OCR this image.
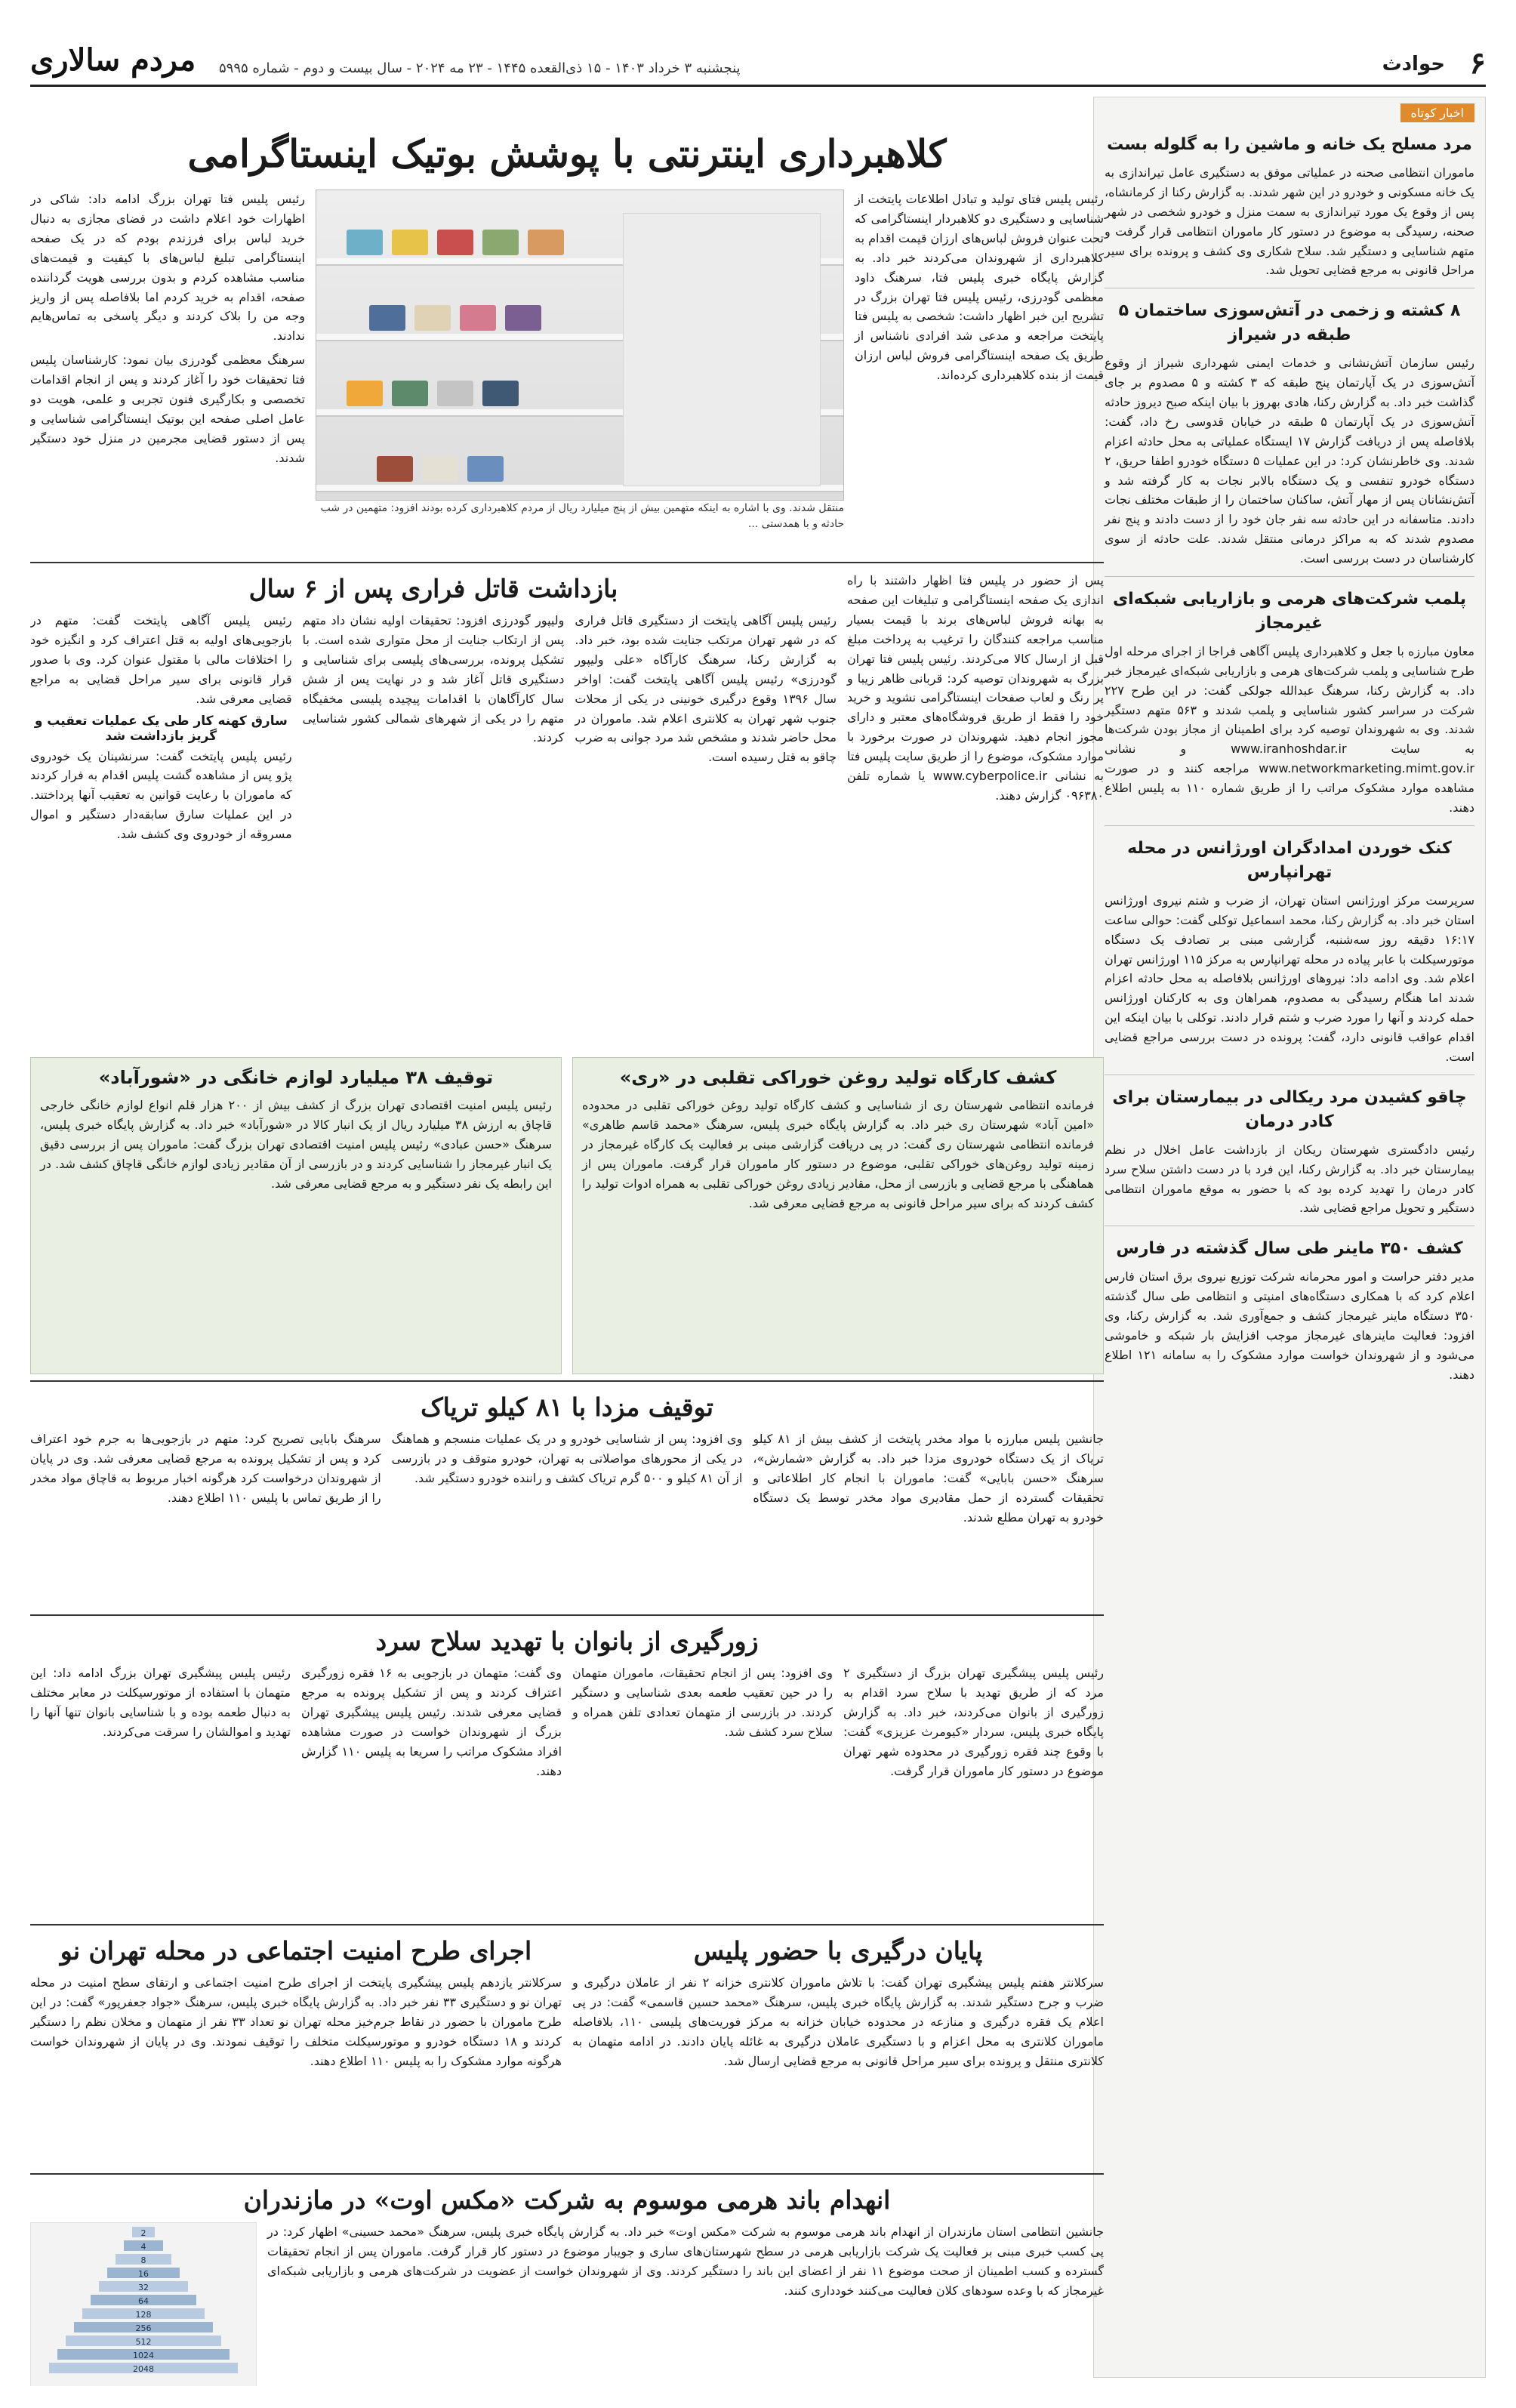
۶
حوادث
پنجشنبه ۳ خرداد ۱۴۰۳ - ۱۵ ذی‌القعده ۱۴۴۵ - ۲۳ مه ۲۰۲۴ - سال بیست و دوم - شماره ۵۹۹۵
مردم سالاری
اخبار کوتاه
مرد مسلح یک خانه و ماشین را به گلوله بست

ماموران انتظامی صحنه در عملیاتی موفق به دستگیری عامل تیراندازی به یک خانه مسکونی و خودرو در این شهر شدند. به گزارش رکنا از کرمانشاه، پس از وقوع یک مورد تیراندازی به سمت منزل و خودرو شخصی در شهر صحنه، رسیدگی به موضوع در دستور کار ماموران انتظامی قرار گرفت و متهم شناسایی و دستگیر شد. سلاح شکاری وی کشف و پرونده برای سیر مراحل قانونی به مرجع قضایی تحویل شد.

۸ کشته و زخمی در آتش‌سوزی ساختمان ۵ طبقه در شیراز

رئیس سازمان آتش‌نشانی و خدمات ایمنی شهرداری شیراز از وقوع آتش‌سوزی در یک آپارتمان پنج طبقه که ۳ کشته و ۵ مصدوم بر جای گذاشت خبر داد. به گزارش رکنا، هادی بهروز با بیان اینکه صبح دیروز حادثه آتش‌سوزی در یک آپارتمان ۵ طبقه در خیابان قدوسی رخ داد، گفت: بلافاصله پس از دریافت گزارش ۱۷ ایستگاه عملیاتی به محل حادثه اعزام شدند. وی خاطرنشان کرد: در این عملیات ۵ دستگاه خودرو اطفا حریق، ۲ دستگاه خودرو تنفسی و یک دستگاه بالابر نجات به کار گرفته شد و آتش‌نشانان پس از مهار آتش، ساکنان ساختمان را از طبقات مختلف نجات دادند. متاسفانه در این حادثه سه نفر جان خود را از دست دادند و پنج نفر مصدوم شدند که به مراکز درمانی منتقل شدند. علت حادثه از سوی کارشناسان در دست بررسی است.

پلمب شرکت‌های هرمی و بازاریابی شبکه‌ای غیرمجاز

معاون مبارزه با جعل و کلاهبرداری پلیس آگاهی فراجا از اجرای مرحله اول طرح شناسایی و پلمب شرکت‌های هرمی و بازاریابی شبکه‌ای غیرمجاز خبر داد. به گزارش رکنا، سرهنگ عبدالله جولکی گفت: در این طرح ۲۲۷ شرکت در سراسر کشور شناسایی و پلمب شدند و ۵۶۳ متهم دستگیر شدند. وی به شهروندان توصیه کرد برای اطمینان از مجاز بودن شرکت‌ها به سایت www.iranhoshdar.ir و نشانی www.networkmarketing.mimt.gov.ir مراجعه کنند و در صورت مشاهده موارد مشکوک مراتب را از طریق شماره ۱۱۰ به پلیس اطلاع دهند.

کنک خوردن امدادگران اورژانس در محله تهرانپارس

سرپرست مرکز اورژانس استان تهران، از ضرب و شتم نیروی اورژانس استان خبر داد. به گزارش رکنا، محمد اسماعیل توکلی گفت: حوالی ساعت ۱۶:۱۷ دقیقه روز سه‌شنبه، گزارشی مبنی بر تصادف یک دستگاه موتورسیکلت با عابر پیاده در محله تهرانپارس به مرکز ۱۱۵ اورژانس تهران اعلام شد. وی ادامه داد: نیروهای اورژانس بلافاصله به محل حادثه اعزام شدند اما هنگام رسیدگی به مصدوم، همراهان وی به کارکنان اورژانس حمله کردند و آنها را مورد ضرب و شتم قرار دادند. توکلی با بیان اینکه این اقدام عواقب قانونی دارد، گفت: پرونده در دست بررسی مراجع قضایی است.

چاقو کشیدن مرد ریکالی در بیمارستان برای کادر درمان

رئیس دادگستری شهرستان ریکان از بازداشت عامل اخلال در نظم بیمارستان خبر داد. به گزارش رکنا، این فرد با در دست داشتن سلاح سرد کادر درمان را تهدید کرده بود که با حضور به موقع ماموران انتظامی دستگیر و تحویل مراجع قضایی شد.

کشف ۳۵۰ ماینر طی سال گذشته در فارس

مدیر دفتر حراست و امور محرمانه شرکت توزیع نیروی برق استان فارس اعلام کرد که با همکاری دستگاه‌های امنیتی و انتظامی طی سال گذشته ۳۵۰ دستگاه ماینر غیرمجاز کشف و جمع‌آوری شد. به گزارش رکنا، وی افزود: فعالیت ماینرهای غیرمجاز موجب افزایش بار شبکه و خاموشی می‌شود و از شهروندان خواست موارد مشکوک را به سامانه ۱۲۱ اطلاع دهند.

کلاهبرداری اینترنتی با پوشش بوتیک اینستاگرامی

رئیس پلیس فتای تولید و تبادل اطلاعات پایتخت از شناسایی و دستگیری دو کلاهبردار اینستاگرامی که تحت عنوان فروش لباس‌های ارزان قیمت اقدام به کلاهبرداری از شهروندان می‌کردند خبر داد. به گزارش پایگاه خبری پلیس فتا، سرهنگ داود معظمی گودرزی، رئیس پلیس فتا تهران بزرگ در تشریح این خبر اظهار داشت: شخصی به پلیس فتا پایتخت مراجعه و مدعی شد افرادی ناشناس از طریق یک صفحه اینستاگرامی فروش لباس ارزان قیمت از بنده کلاهبرداری کرده‌اند.

منتقل شدند. وی با اشاره به اینکه متهمین بیش از پنج میلیارد ریال از مردم کلاهبرداری کرده بودند افزود: متهمین در شب حادثه و با همدستی ...

رئیس پلیس فتا تهران بزرگ ادامه داد: شاکی در اظهارات خود اعلام داشت در فضای مجازی به دنبال خرید لباس برای فرزندم بودم که در یک صفحه اینستاگرامی تبلیغ لباس‌های با کیفیت و قیمت‌های مناسب مشاهده کردم و بدون بررسی هویت گرداننده صفحه، اقدام به خرید کردم اما بلافاصله پس از واریز وجه من را بلاک کردند و دیگر پاسخی به تماس‌هایم ندادند.

سرهنگ معظمی گودرزی بیان نمود: کارشناسان پلیس فتا تحقیقات خود را آغاز کردند و پس از انجام اقدامات تخصصی و بکارگیری فنون تجربی و علمی، هویت دو عامل اصلی صفحه این بوتیک اینستاگرامی شناسایی و پس از دستور قضایی مجرمین در منزل خود دستگیر شدند.

پس از حضور در پلیس فتا اظهار داشتند با راه اندازی یک صفحه اینستاگرامی و تبلیغات این صفحه به بهانه فروش لباس‌های برند با قیمت بسیار مناسب مراجعه کنندگان را ترغیب به پرداخت مبلغ قبل از ارسال کالا می‌کردند. رئیس پلیس فتا تهران بزرگ به شهروندان توصیه کرد: قربانی ظاهر زیبا و پر رنگ و لعاب صفحات اینستاگرامی نشوید و خرید خود را فقط از طریق فروشگاه‌های معتبر و دارای مجوز انجام دهید. شهروندان در صورت برخورد با موارد مشکوک، موضوع را از طریق سایت پلیس فتا به نشانی www.cyberpolice.ir یا شماره تلفن ۰۹۶۳۸۰ گزارش دهند.

بازداشت قاتل فراری پس از ۶ سال

رئیس پلیس آگاهی پایتخت از دستگیری قاتل فراری که در شهر تهران مرتکب جنایت شده بود، خبر داد. به گزارش رکنا، سرهنگ کارآگاه «علی ولیپور گودرزی» رئیس پلیس آگاهی پایتخت گفت: اواخر سال ۱۳۹۶ وقوع درگیری خونینی در یکی از محلات جنوب شهر تهران به کلانتری اعلام شد. ماموران در محل حاضر شدند و مشخص شد مرد جوانی به ضرب چاقو به قتل رسیده است.

ولیپور گودرزی افزود: تحقیقات اولیه نشان داد متهم پس از ارتکاب جنایت از محل متواری شده است. با تشکیل پرونده، بررسی‌های پلیسی برای شناسایی و دستگیری قاتل آغاز شد و در نهایت پس از شش سال کارآگاهان با اقدامات پیچیده پلیسی مخفیگاه متهم را در یکی از شهرهای شمالی کشور شناسایی کردند.

رئیس پلیس آگاهی پایتخت گفت: متهم در بازجویی‌های اولیه به قتل اعتراف کرد و انگیزه خود را اختلافات مالی با مقتول عنوان کرد. وی با صدور قرار قانونی برای سیر مراحل قضایی به مراجع قضایی معرفی شد.

سارق کهنه کار طی یک عملیات تعقیب و گریز بازداشت شد

رئیس پلیس پایتخت گفت: سرنشینان یک خودروی پژو پس از مشاهده گشت پلیس اقدام به فرار کردند که ماموران با رعایت قوانین به تعقیب آنها پرداختند. در این عملیات سارق سابقه‌دار دستگیر و اموال مسروقه از خودروی وی کشف شد.

کشف کارگاه تولید روغن خوراکی تقلبی در «ری»

فرمانده انتظامی شهرستان ری از شناسایی و کشف کارگاه تولید روغن خوراکی تقلبی در محدوده «امین آباد» شهرستان ری خبر داد. به گزارش پایگاه خبری پلیس، سرهنگ «محمد قاسم طاهری» فرمانده انتظامی شهرستان ری گفت: در پی دریافت گزارشی مبنی بر فعالیت یک کارگاه غیرمجاز در زمینه تولید روغن‌های خوراکی تقلبی، موضوع در دستور کار ماموران قرار گرفت. ماموران پس از هماهنگی با مرجع قضایی و بازرسی از محل، مقادیر زیادی روغن خوراکی تقلبی به همراه ادوات تولید را کشف کردند که برای سیر مراحل قانونی به مرجع قضایی معرفی شد.

توقیف ۳۸ میلیارد لوازم خانگی در «شورآباد»

رئیس پلیس امنیت اقتصادی تهران بزرگ از کشف بیش از ۲۰۰ هزار قلم انواع لوازم خانگی خارجی قاچاق به ارزش ۳۸ میلیارد ریال از یک انبار کالا در «شورآباد» خبر داد. به گزارش پایگاه خبری پلیس، سرهنگ «حسن عبادی» رئیس پلیس امنیت اقتصادی تهران بزرگ گفت: ماموران پس از بررسی دقیق یک انبار غیرمجاز را شناسایی کردند و در بازرسی از آن مقادیر زیادی لوازم خانگی قاچاق کشف شد. در این رابطه یک نفر دستگیر و به مرجع قضایی معرفی شد.

توقیف مزدا با ۸۱ کیلو تریاک

جانشین پلیس مبارزه با مواد مخدر پایتخت از کشف بیش از ۸۱ کیلو تریاک از یک دستگاه خودروی مزدا خبر داد. به گزارش «شمارش»، سرهنگ «حسن بابایی» گفت: ماموران با انجام کار اطلاعاتی و تحقیقات گسترده از حمل مقادیری مواد مخدر توسط یک دستگاه خودرو به تهران مطلع شدند.

وی افزود: پس از شناسایی خودرو و در یک عملیات منسجم و هماهنگ در یکی از محورهای مواصلاتی به تهران، خودرو متوقف و در بازرسی از آن ۸۱ کیلو و ۵۰۰ گرم تریاک کشف و راننده خودرو دستگیر شد.

سرهنگ بابایی تصریح کرد: متهم در بازجویی‌ها به جرم خود اعتراف کرد و پس از تشکیل پرونده به مرجع قضایی معرفی شد. وی در پایان از شهروندان درخواست کرد هرگونه اخبار مربوط به قاچاق مواد مخدر را از طریق تماس با پلیس ۱۱۰ اطلاع دهند.

زورگیری از بانوان با تهدید سلاح سرد

رئیس پلیس پیشگیری تهران بزرگ از دستگیری ۲ مرد که از طریق تهدید با سلاح سرد اقدام به زورگیری از بانوان می‌کردند، خبر داد. به گزارش پایگاه خبری پلیس، سردار «کیومرث عزیزی» گفت: با وقوع چند فقره زورگیری در محدوده شهر تهران موضوع در دستور کار ماموران قرار گرفت.

وی افزود: پس از انجام تحقیقات، ماموران متهمان را در حین تعقیب طعمه بعدی شناسایی و دستگیر کردند. در بازرسی از متهمان تعدادی تلفن همراه و سلاح سرد کشف شد.

وی گفت: متهمان در بازجویی به ۱۶ فقره زورگیری اعتراف کردند و پس از تشکیل پرونده به مرجع قضایی معرفی شدند. رئیس پلیس پیشگیری تهران بزرگ از شهروندان خواست در صورت مشاهده افراد مشکوک مراتب را سریعا به پلیس ۱۱۰ گزارش دهند.

رئیس پلیس پیشگیری تهران بزرگ ادامه داد: این متهمان با استفاده از موتورسیکلت در معابر مختلف به دنبال طعمه بوده و با شناسایی بانوان تنها آنها را تهدید و اموالشان را سرقت می‌کردند.

پایان درگیری با حضور پلیس

سرکلانتر هفتم پلیس پیشگیری تهران گفت: با تلاش ماموران کلانتری خزانه ۲ نفر از عاملان درگیری و ضرب و جرح دستگیر شدند. به گزارش پایگاه خبری پلیس، سرهنگ «محمد حسین قاسمی» گفت: در پی اعلام یک فقره درگیری و منازعه در محدوده خیابان خزانه به مرکز فوریت‌های پلیسی ۱۱۰، بلافاصله ماموران کلانتری به محل اعزام و با دستگیری عاملان درگیری به غائله پایان دادند. در ادامه متهمان به کلانتری منتقل و پرونده برای سیر مراحل قانونی به مرجع قضایی ارسال شد.

اجرای طرح امنیت اجتماعی در محله تهران نو

سرکلانتر یازدهم پلیس پیشگیری پایتخت از اجرای طرح امنیت اجتماعی و ارتقای سطح امنیت در محله تهران نو و دستگیری ۳۳ نفر خبر داد. به گزارش پایگاه خبری پلیس، سرهنگ «جواد جعفرپور» گفت: در این طرح ماموران با حضور در نقاط جرم‌خیز محله تهران نو تعداد ۳۳ نفر از متهمان و مخلان نظم را دستگیر کردند و ۱۸ دستگاه خودرو و موتورسیکلت متخلف را توقیف نمودند. وی در پایان از شهروندان خواست هرگونه موارد مشکوک را به پلیس ۱۱۰ اطلاع دهند.

انهدام باند هرمی موسوم به شرکت «مکس اوت» در مازندران

جانشین انتظامی استان مازندران از انهدام باند هرمی موسوم به شرکت «مکس اوت» خبر داد. به گزارش پایگاه خبری پلیس، سرهنگ «محمد حسینی» اظهار کرد: در پی کسب خبری مبنی بر فعالیت یک شرکت بازاریابی هرمی در سطح شهرستان‌های ساری و جویبار موضوع در دستور کار قرار گرفت. ماموران پس از انجام تحقیقات گسترده و کسب اطمینان از صحت موضوع ۱۱ نفر از اعضای این باند را دستگیر کردند. وی از شهروندان خواست از عضویت در شرکت‌های هرمی و بازاریابی شبکه‌ای غیرمجاز که با وعده سودهای کلان فعالیت می‌کنند خودداری کنند.

2
4
8
16
32
64
128
256
512
1024
2048
